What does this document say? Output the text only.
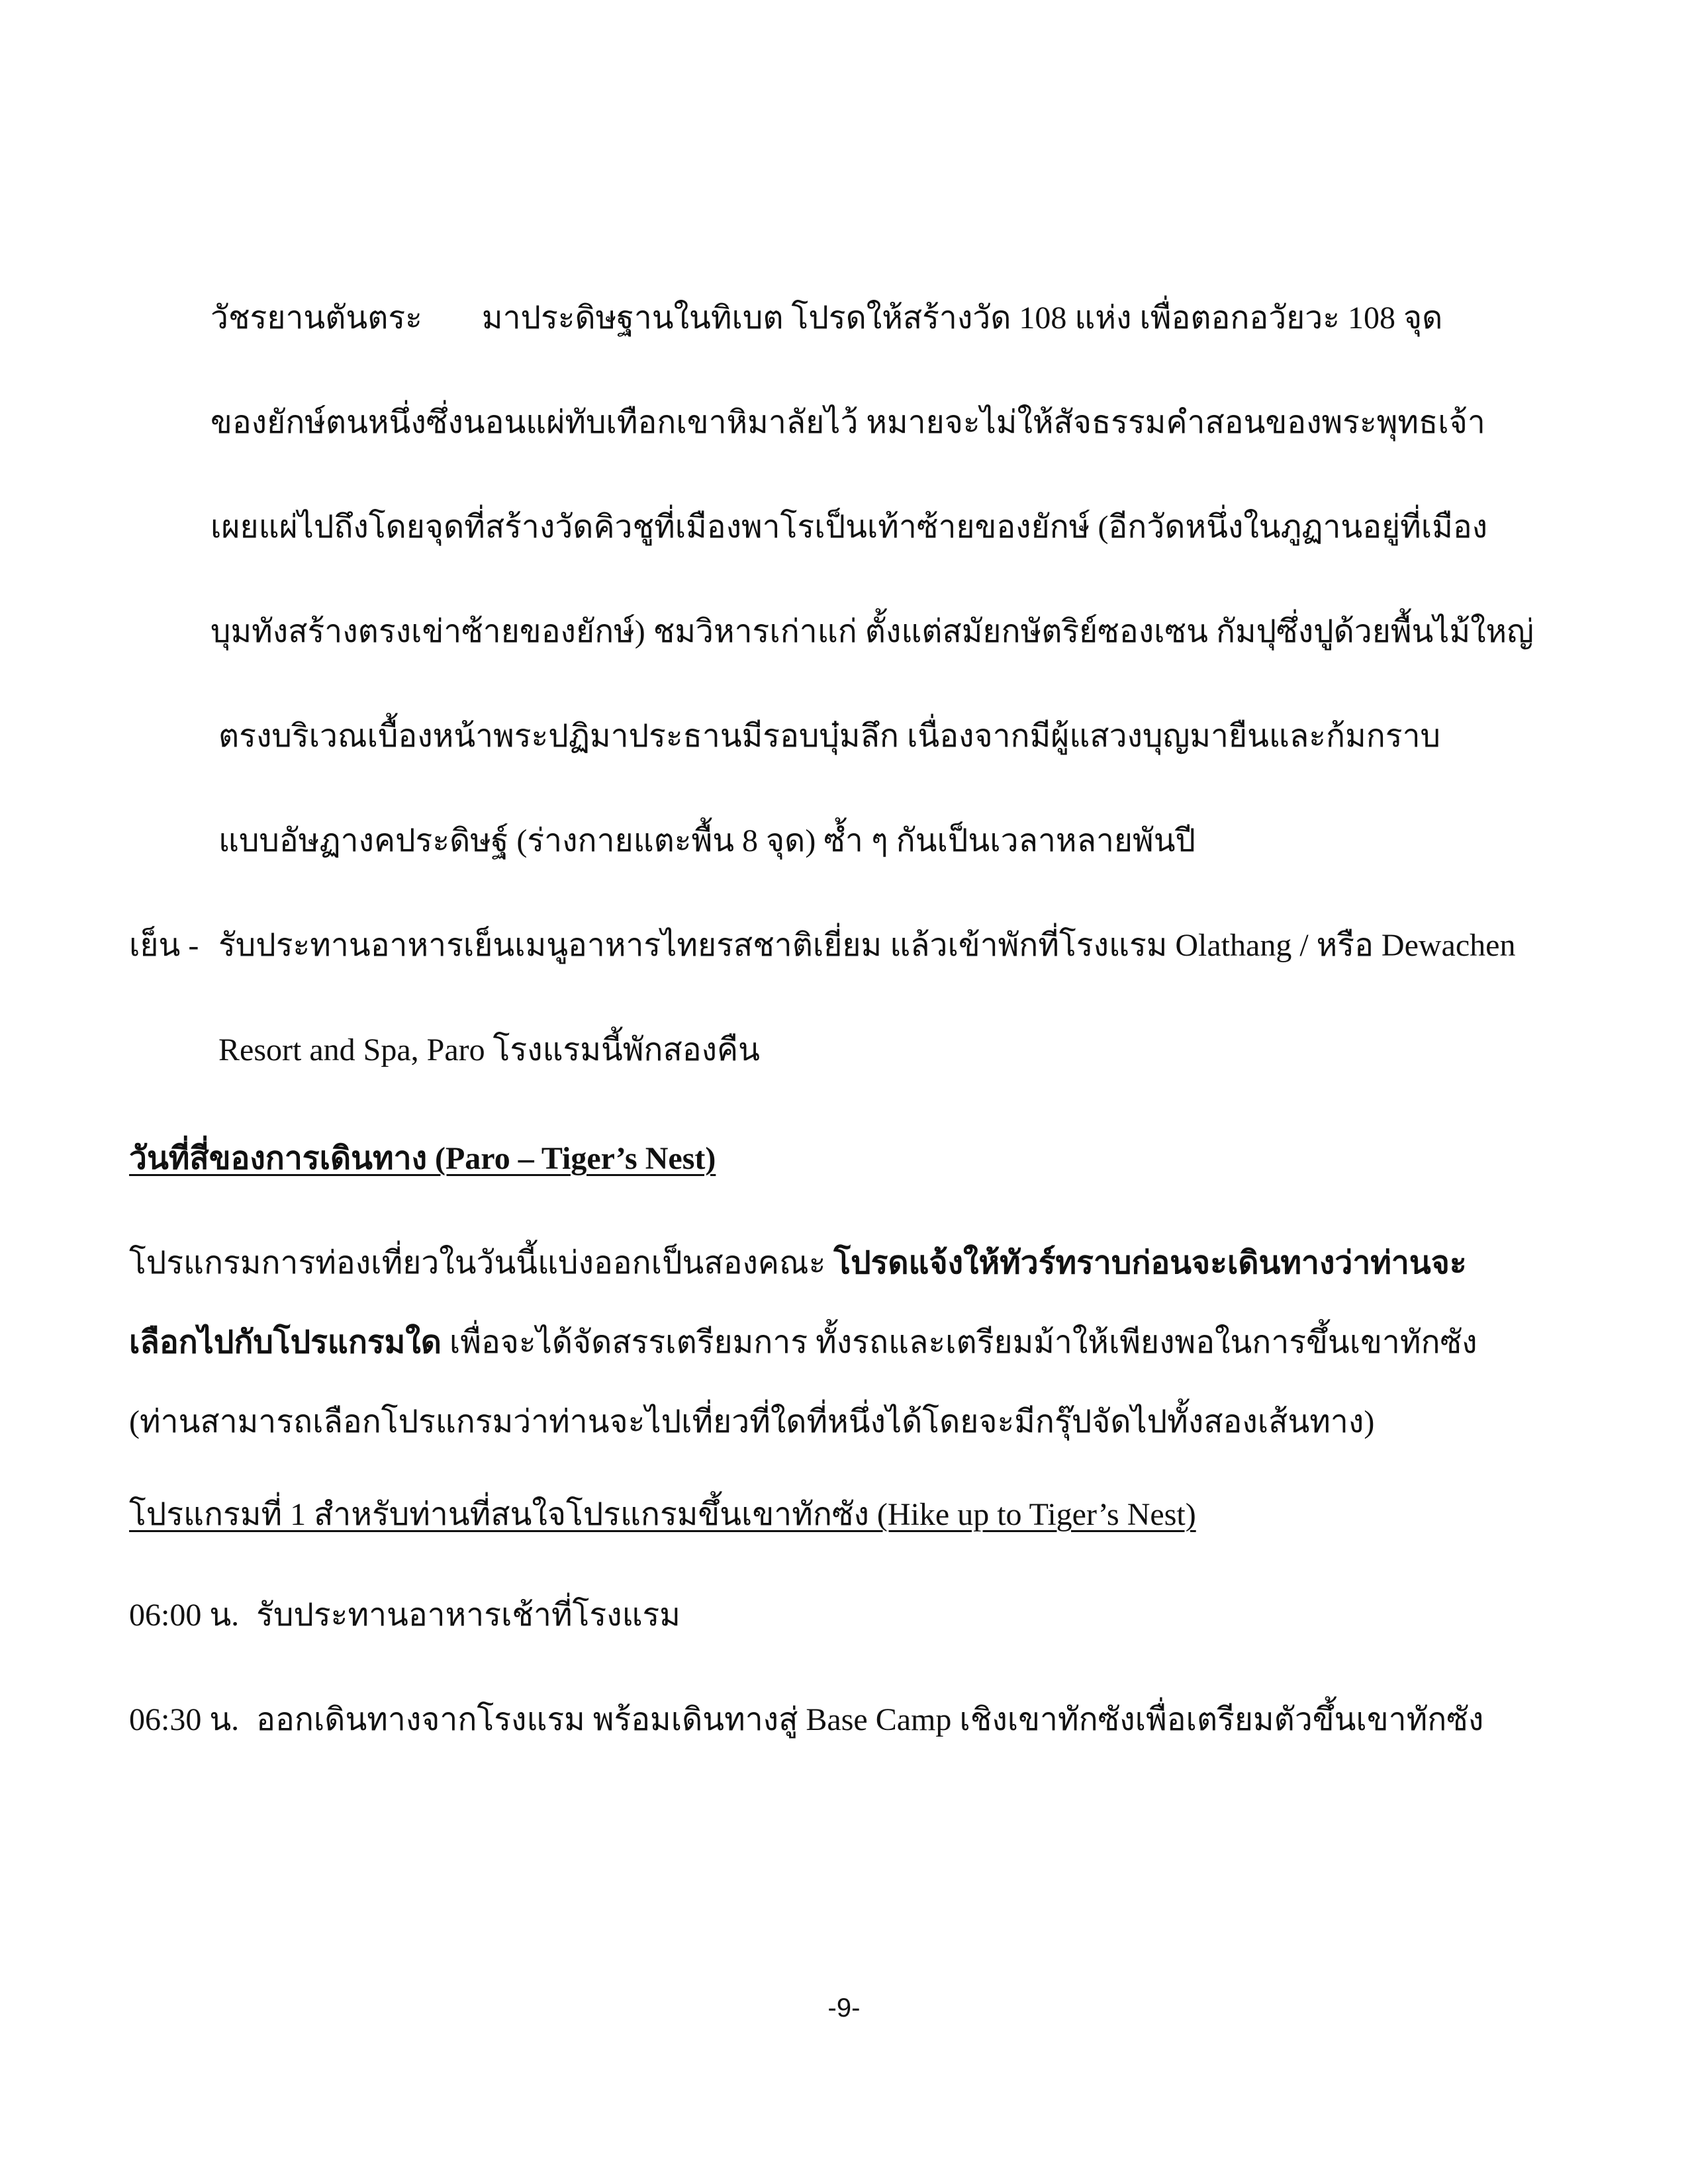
วัชรยานตันตระ มาประดิษฐานในทิเบต โปรดให้สร้างวัด 108 แห่ง เพื่อตอกอวัยวะ 108 จุด
ของยักษ์ตนหนึ่งซึ่งนอนแผ่ทับเทือกเขาหิมาลัยไว้ หมายจะไม่ให้สัจธรรมคำสอนของพระพุทธเจ้า
เผยแผ่ไปถึงโดยจุดที่สร้างวัดคิวชูที่เมืองพาโรเป็นเท้าซ้ายของยักษ์ (อีกวัดหนึ่งในภูฏานอยู่ที่เมือง
บุมทังสร้างตรงเข่าซ้ายของยักษ์) ชมวิหารเก่าแก่ ตั้งแต่สมัยกษัตริย์ซองเซน กัมปุซึ่งปูด้วยพื้นไม้ใหญ่
ตรงบริเวณเบื้องหน้าพระปฏิมาประธานมีรอบบุ๋มลึก เนื่องจากมีผู้แสวงบุญมายืนและก้มกราบ
แบบอัษฏางคประดิษฐ์ (ร่างกายแตะพื้น 8 จุด) ซ้ำ ๆ กันเป็นเวลาหลายพันปี
เย็น - รับประทานอาหารเย็นเมนูอาหารไทยรสชาติเยี่ยม แล้วเข้าพักที่โรงแรม Olathang / หรือ Dewachen
Resort and Spa, Paro โรงแรมนี้พักสองคืน
วันที่สี่ของการเดินทาง (Paro – Tiger’s Nest)
โปรแกรมการท่องเที่ยวในวันนี้แบ่งออกเป็นสองคณะ โปรดแจ้งให้ทัวร์ทราบก่อนจะเดินทางว่าท่านจะ
เลือกไปกับโปรแกรมใด เพื่อจะได้จัดสรรเตรียมการ ทั้งรถและเตรียมม้าให้เพียงพอในการขึ้นเขาทักซัง
(ท่านสามารถเลือกโปรแกรมว่าท่านจะไปเที่ยวที่ใดที่หนึ่งได้โดยจะมีกรุ๊ปจัดไปทั้งสองเส้นทาง)
โปรแกรมที่ 1 สำหรับท่านที่สนใจโปรแกรมขึ้นเขาทักซัง (Hike up to Tiger’s Nest)
06:00 น. รับประทานอาหารเช้าที่โรงแรม
06:30 น. ออกเดินทางจากโรงแรม พร้อมเดินทางสู่ Base Camp เชิงเขาทักซังเพื่อเตรียมตัวขึ้นเขาทักซัง
-9-
